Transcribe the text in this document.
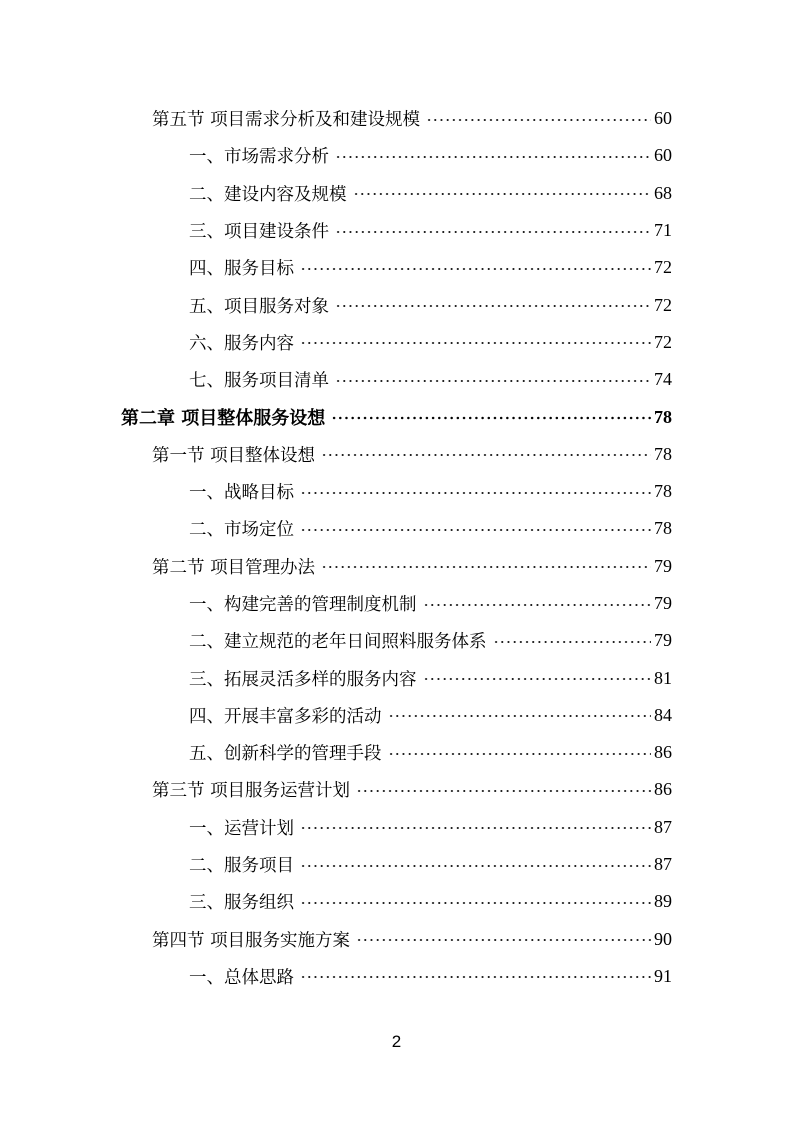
第五节 项目需求分析及和建设规模	60
一、市场需求分析	60
二、建设内容及规模	68
三、项目建设条件	71
四、服务目标	72
五、项目服务对象	72
六、服务内容	72
七、服务项目清单	74
第二章 项目整体服务设想	78
第一节 项目整体设想	78
一、战略目标	78
二、市场定位	78
第二节 项目管理办法	79
一、构建完善的管理制度机制	79
二、建立规范的老年日间照料服务体系	79
三、拓展灵活多样的服务内容	81
四、开展丰富多彩的活动	84
五、创新科学的管理手段	86
第三节 项目服务运营计划	86
一、运营计划	87
二、服务项目	87
三、服务组织	89
第四节 项目服务实施方案	90
一、总体思路	91
2
